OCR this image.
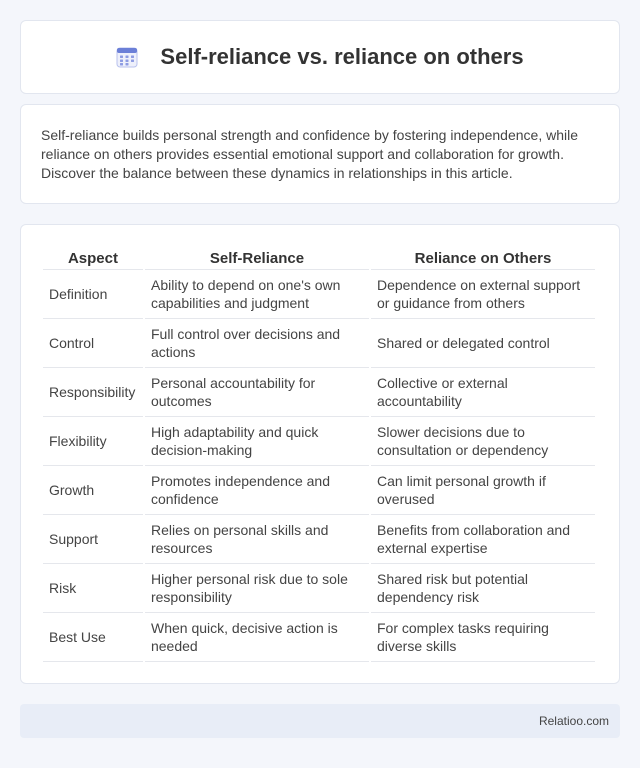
Self-reliance vs. reliance on others

Self-reliance builds personal strength and confidence by fostering independence, while reliance on others provides essential emotional support and collaboration for growth. Discover the balance between these dynamics in relationships in this article.

Aspect	Self-Reliance	Reliance on Others
Definition	Ability to depend on one's own capabilities and judgment	Dependence on external support or guidance from others
Control	Full control over decisions and actions	Shared or delegated control
Responsibility	Personal accountability for outcomes	Collective or external accountability
Flexibility	High adaptability and quick decision-making	Slower decisions due to consultation or dependency
Growth	Promotes independence and confidence	Can limit personal growth if overused
Support	Relies on personal skills and resources	Benefits from collaboration and external expertise
Risk	Higher personal risk due to sole responsibility	Shared risk but potential dependency risk
Best Use	When quick, decisive action is needed	For complex tasks requiring diverse skills
Relatioo.com
